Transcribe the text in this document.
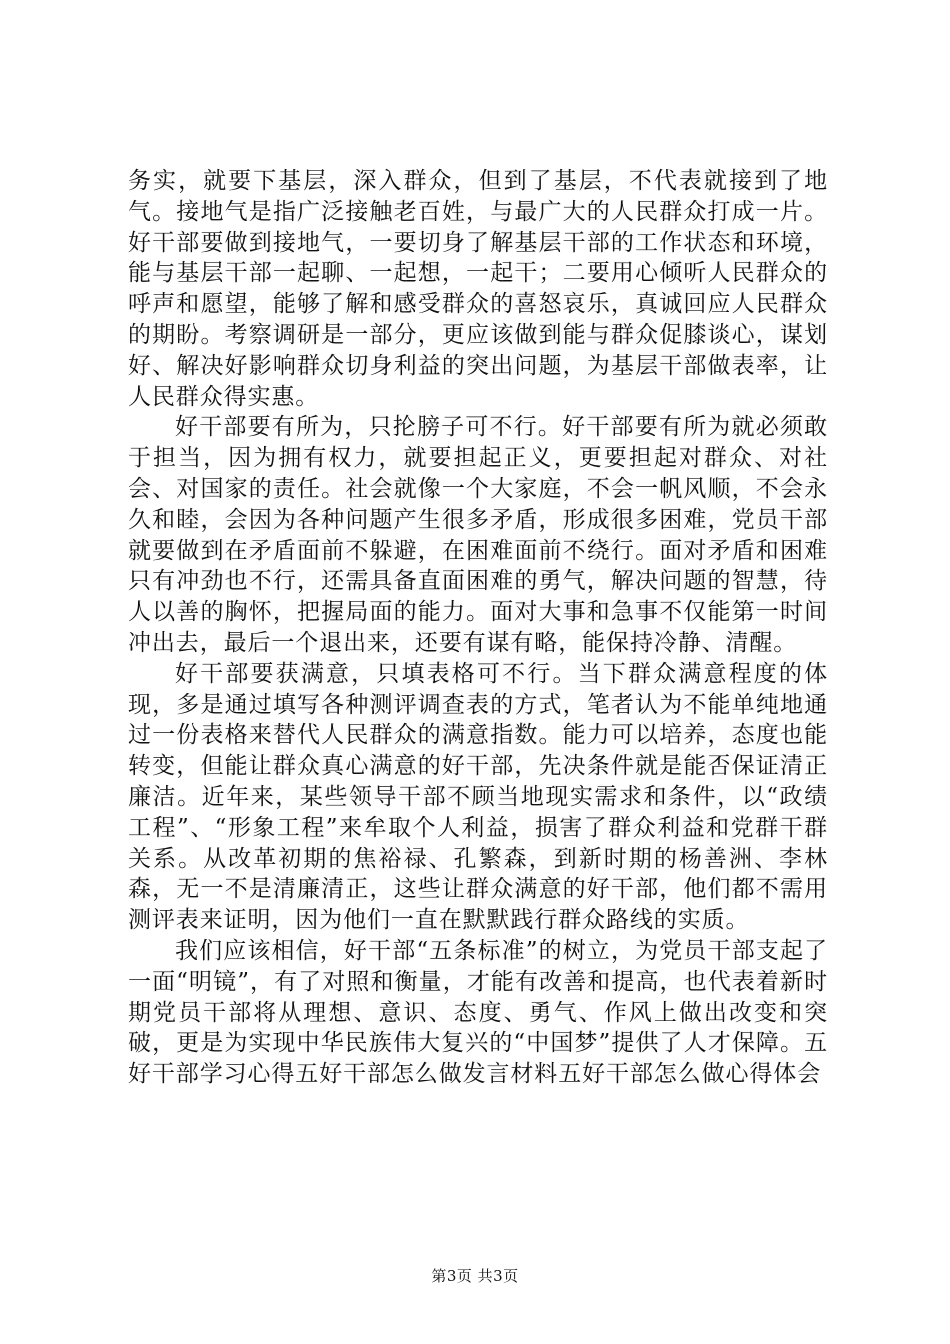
务实，就要下基层，深入群众，但到了基层，不代表就接到了地气。接地气是指广泛接触老百姓，与最广大的人民群众打成一片。好干部要做到接地气，一要切身了解基层干部的工作状态和环境，能与基层干部一起聊、一起想，一起干；二要用心倾听人民群众的呼声和愿望，能够了解和感受群众的喜怒哀乐，真诚回应人民群众的期盼。考察调研是一部分，更应该做到能与群众促膝谈心，谋划好、解决好影响群众切身利益的突出问题，为基层干部做表率，让人民群众得实惠。

好干部要有所为，只抡膀子可不行。好干部要有所为就必须敢于担当，因为拥有权力，就要担起正义，更要担起对群众、对社会、对国家的责任。社会就像一个大家庭，不会一帆风顺，不会永久和睦，会因为各种问题产生很多矛盾，形成很多困难，党员干部就要做到在矛盾面前不躲避，在困难面前不绕行。面对矛盾和困难只有冲劲也不行，还需具备直面困难的勇气，解决问题的智慧，待人以善的胸怀，把握局面的能力。面对大事和急事不仅能第一时间冲出去，最后一个退出来，还要有谋有略，能保持冷静、清醒。

好干部要获满意，只填表格可不行。当下群众满意程度的体现，多是通过填写各种测评调查表的方式，笔者认为不能单纯地通过一份表格来替代人民群众的满意指数。能力可以培养，态度也能转变，但能让群众真心满意的好干部，先决条件就是能否保证清正廉洁。近年来，某些领导干部不顾当地现实需求和条件，以“政绩工程”、“形象工程”来牟取个人利益，损害了群众利益和党群干群关系。从改革初期的焦裕禄、孔繁森，到新时期的杨善洲、李林森，无一不是清廉清正，这些让群众满意的好干部，他们都不需用测评表来证明，因为他们一直在默默践行群众路线的实质。

我们应该相信，好干部“五条标准”的树立，为党员干部支起了一面“明镜”，有了对照和衡量，才能有改善和提高，也代表着新时期党员干部将从理想、意识、态度、勇气、作风上做出改变和突破，更是为实现中华民族伟大复兴的“中国梦”提供了人才保障。五好干部学习心得五好干部怎么做发言材料五好干部怎么做心得体会

第3页 共3页
